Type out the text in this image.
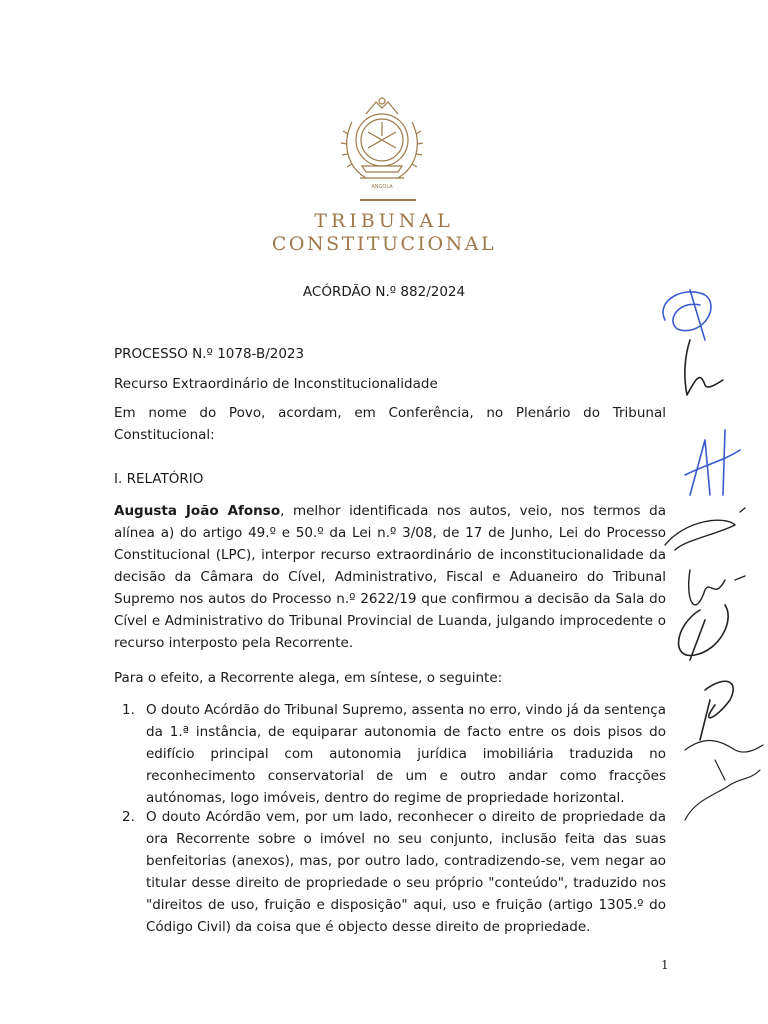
ANGOLA
TRIBUNAL
CONSTITUCIONAL
ACÓRDÃO N.º 882/2024
PROCESSO N.º 1078-B/2023
Recurso Extraordinário de Inconstitucionalidade
Em nome do Povo, acordam, em Conferência, no Plenário do Tribunal Constitucional:
I. RELATÓRIO
Augusta João Afonso, melhor identificada nos autos, veio, nos termos da alínea a) do artigo 49.º e 50.º da Lei n.º 3/08, de 17 de Junho, Lei do Processo Constitucional (LPC), interpor recurso extraordinário de inconstitucionalidade da decisão da Câmara do Cível, Administrativo, Fiscal e Aduaneiro do Tribunal Supremo nos autos do Processo n.º 2622/19 que confirmou a decisão da Sala do Cível e Administrativo do Tribunal Provincial de Luanda, julgando improcedente o recurso interposto pela Recorrente.
Para o efeito, a Recorrente alega, em síntese, o seguinte:
1. O douto Acórdão do Tribunal Supremo, assenta no erro, vindo já da sentença da 1.ª instância, de equiparar autonomia de facto entre os dois pisos do edifício principal com autonomia jurídica imobiliária traduzida no reconhecimento conservatorial de um e outro andar como fracções autónomas, logo imóveis, dentro do regime de propriedade horizontal.
2. O douto Acórdão vem, por um lado, reconhecer o direito de propriedade da ora Recorrente sobre o imóvel no seu conjunto, inclusão feita das suas benfeitorias (anexos), mas, por outro lado, contradizendo-se, vem negar ao titular desse direito de propriedade o seu próprio "conteúdo", traduzido nos "direitos de uso, fruição e disposição" aqui, uso e fruição (artigo 1305.º do Código Civil) da coisa que é objecto desse direito de propriedade.
1
